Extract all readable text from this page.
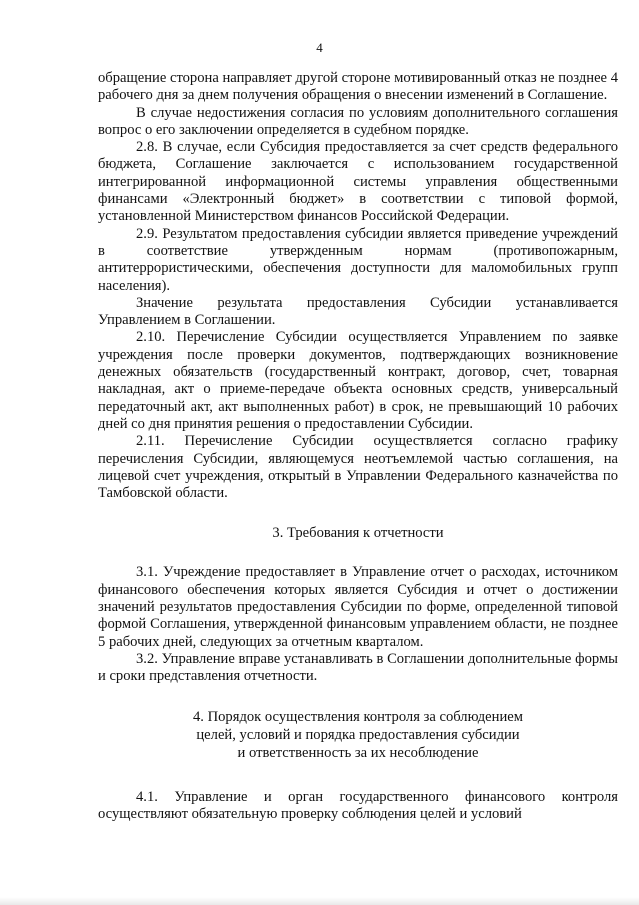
4

обращение сторона направляет другой стороне мотивированный отказ не позднее 4 рабочего дня за днем получения обращения о внесении изменений в Соглашение.

В случае недостижения согласия по условиям дополнительного соглашения вопрос о его заключении определяется в судебном порядке.

2.8. В случае, если Субсидия предоставляется за счет средств федерального бюджета, Соглашение заключается с использованием государственной интегрированной информационной системы управления общественными финансами «Электронный бюджет» в соответствии с типовой формой, установленной Министерством финансов Российской Федерации.

2.9. Результатом предоставления субсидии является приведение учреждений в соответствие утвержденным нормам (противопожарным, антитеррористическими, обеспечения доступности для маломобильных групп населения).

Значение результата предоставления Субсидии устанавливается Управлением в Соглашении.

2.10. Перечисление Субсидии осуществляется Управлением по заявке учреждения после проверки документов, подтверждающих возникновение денежных обязательств (государственный контракт, договор, счет, товарная накладная, акт о приеме-передаче объекта основных средств, универсальный передаточный акт, акт выполненных работ) в срок, не превышающий 10 рабочих дней со дня принятия решения о предоставлении Субсидии.

2.11. Перечисление Субсидии осуществляется согласно графику перечисления Субсидии, являющемуся неотъемлемой частью соглашения, на лицевой счет учреждения, открытый в Управлении Федерального казначейства по Тамбовской области.

3. Требования к отчетности

3.1. Учреждение предоставляет в Управление отчет о расходах, источником финансового обеспечения которых является Субсидия и отчет о достижении значений результатов предоставления Субсидии по форме, определенной типовой формой Соглашения, утвержденной финансовым управлением области, не позднее 5 рабочих дней, следующих за отчетным кварталом.

3.2. Управление вправе устанавливать в Соглашении дополнительные формы и сроки представления отчетности.

4. Порядок осуществления контроля за соблюдением

целей, условий и порядка предоставления субсидии

и ответственность за их несоблюдение

4.1. Управление и орган государственного финансового контроля осуществляют обязательную проверку соблюдения целей и условий
